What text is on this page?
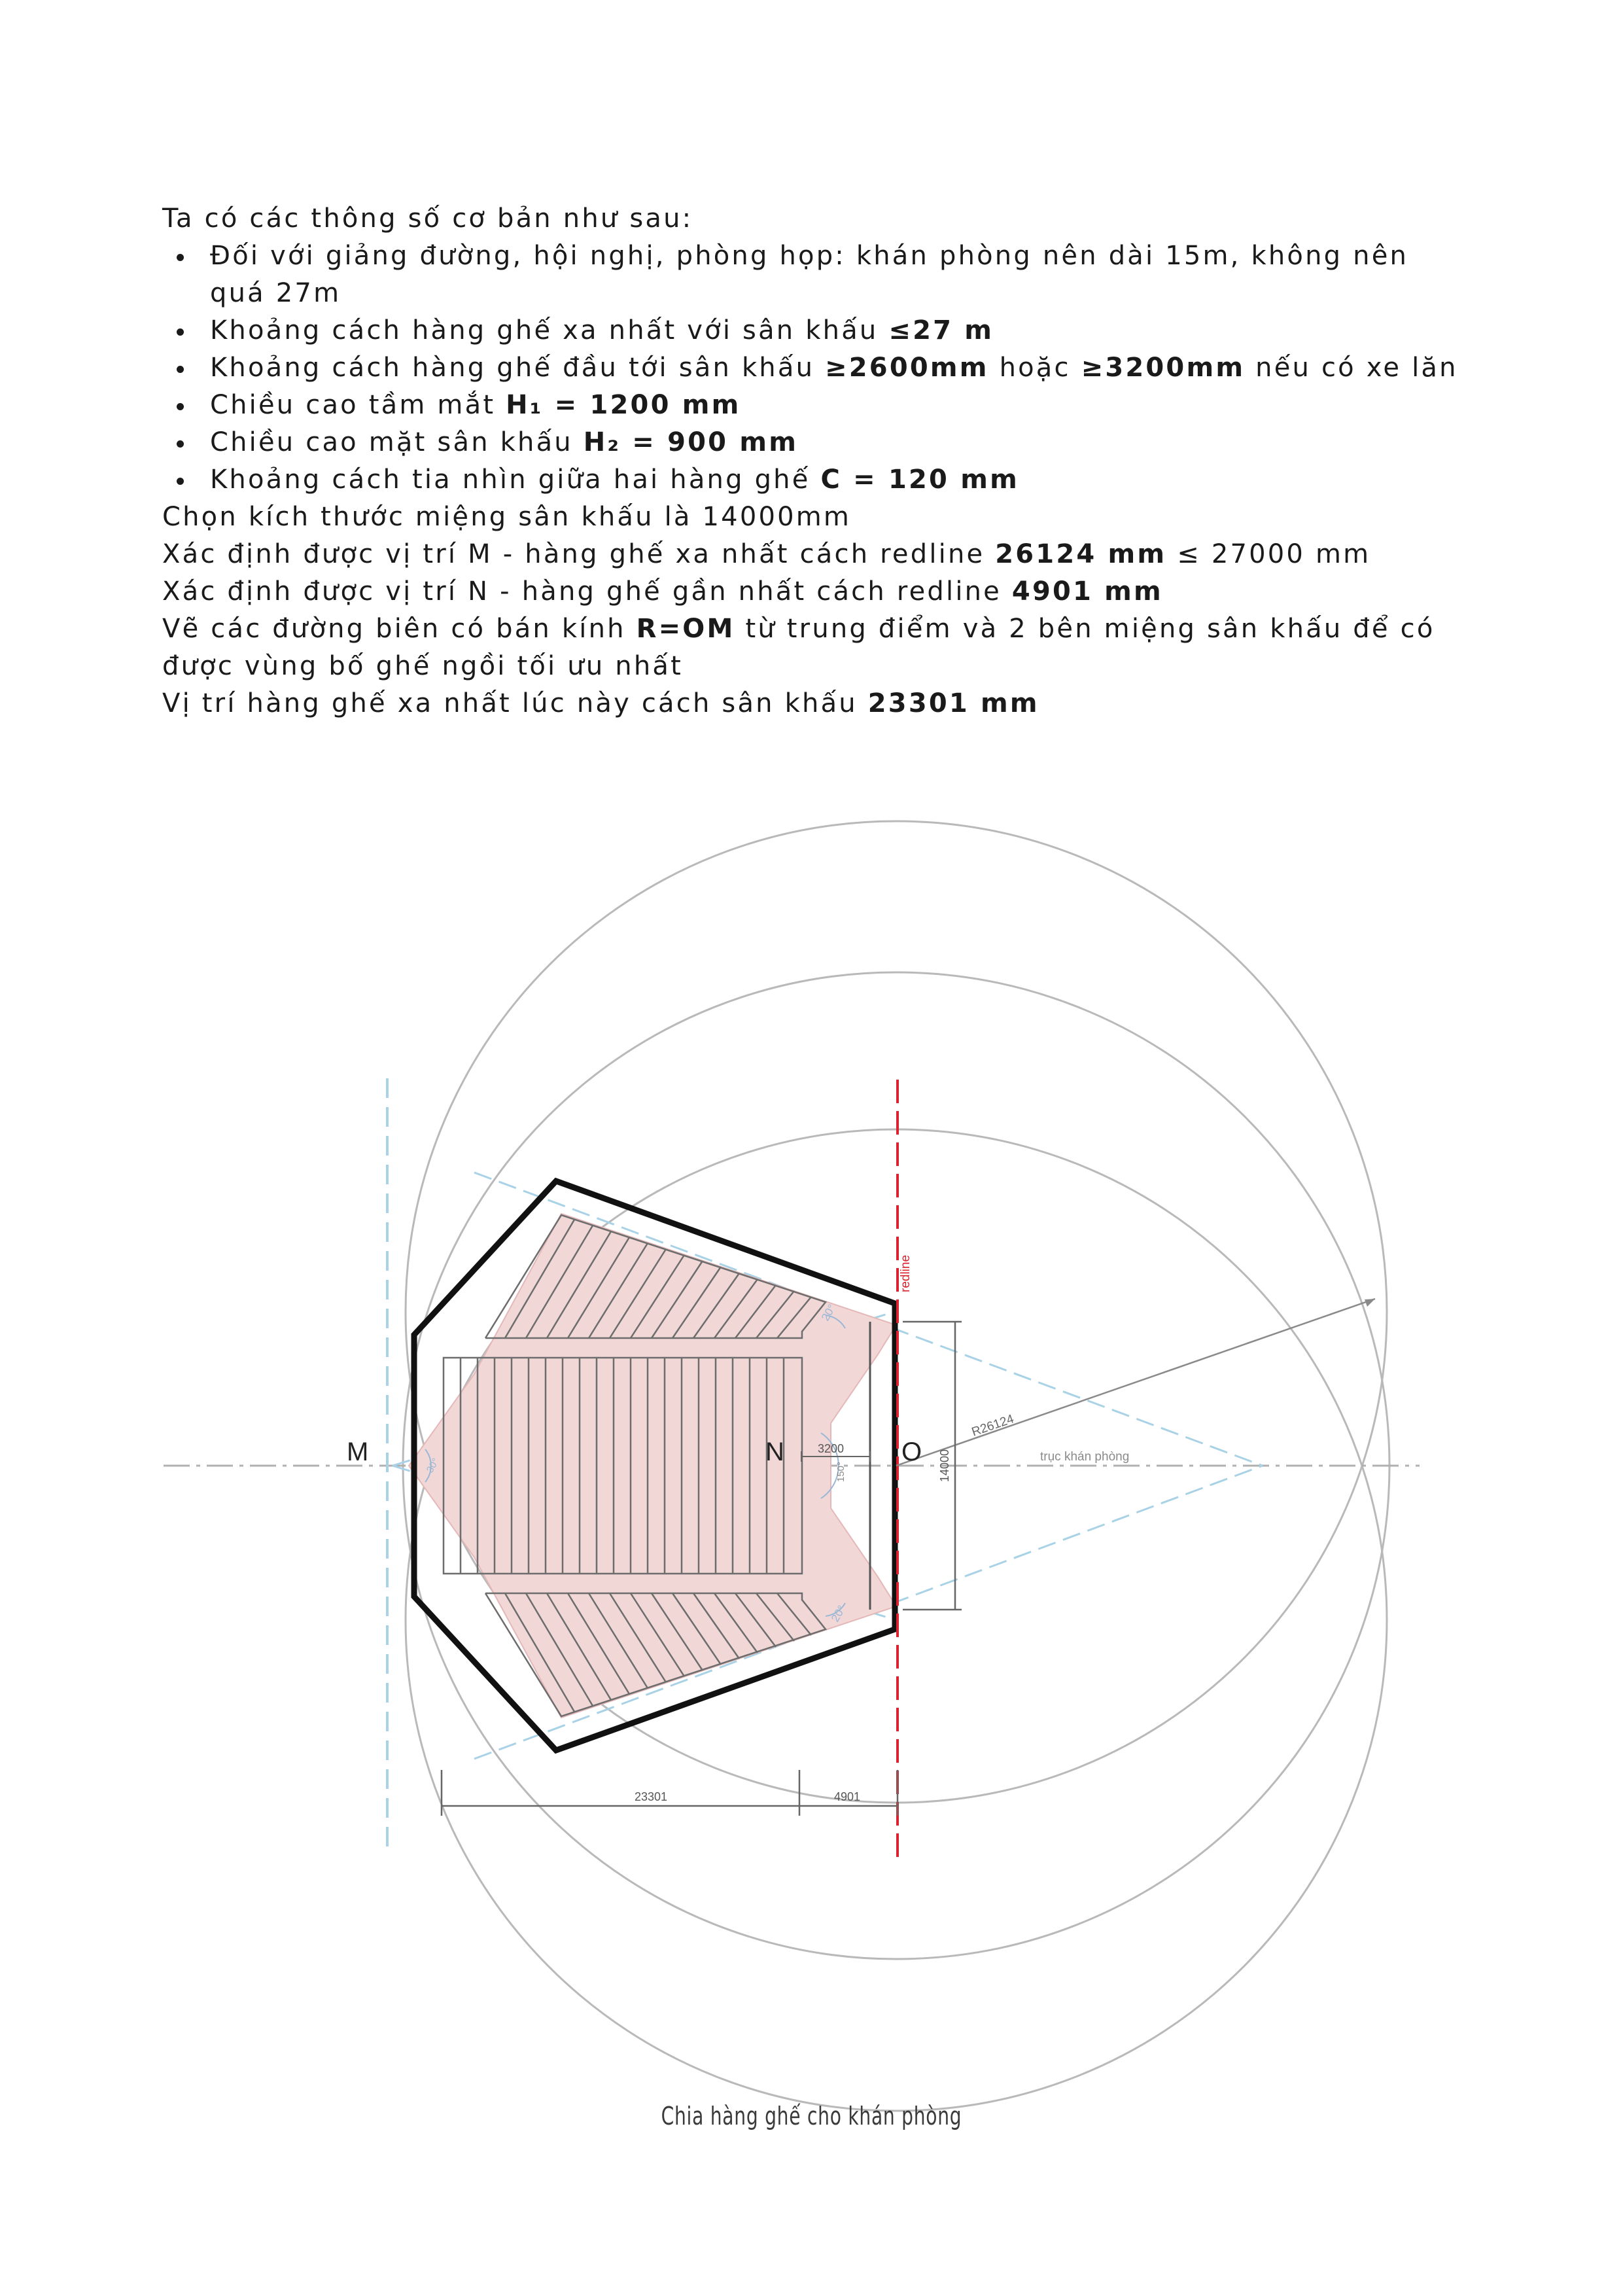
Ta có các thông số cơ bản như sau:

Đối với giảng đường, hội nghị, phòng họp: khán phòng nên dài 15m, không nên quá 27m
Khoảng cách hàng ghế xa nhất với sân khấu ≤27 m
Khoảng cách hàng ghế đầu tới sân khấu ≥2600mm hoặc ≥3200mm nếu có xe lăn
Chiều cao tầm mắt H₁ = 1200 mm
Chiều cao mặt sân khấu H₂ = 900 mm
Khoảng cách tia nhìn giữa hai hàng ghế C = 120 mm

Chọn kích thước miệng sân khấu là 14000mm

Xác định được vị trí M - hàng ghế xa nhất cách redline 26124 mm ≤ 27000 mm

Xác định được vị trí N - hàng ghế gần nhất cách redline 4901 mm

Vẽ các đường biên có bán kính R=OM từ trung điểm và 2 bên miệng sân khấu để có được vùng bố ghế ngồi tối ưu nhất

Vị trí hàng ghế xa nhất lúc này cách sân khấu 23301 mm

M	N	O
redline
R26124
trục khán phòng
3200
14000
23301	4901
20°
20°
150°
30°
Chia hàng ghế cho khán phòng
